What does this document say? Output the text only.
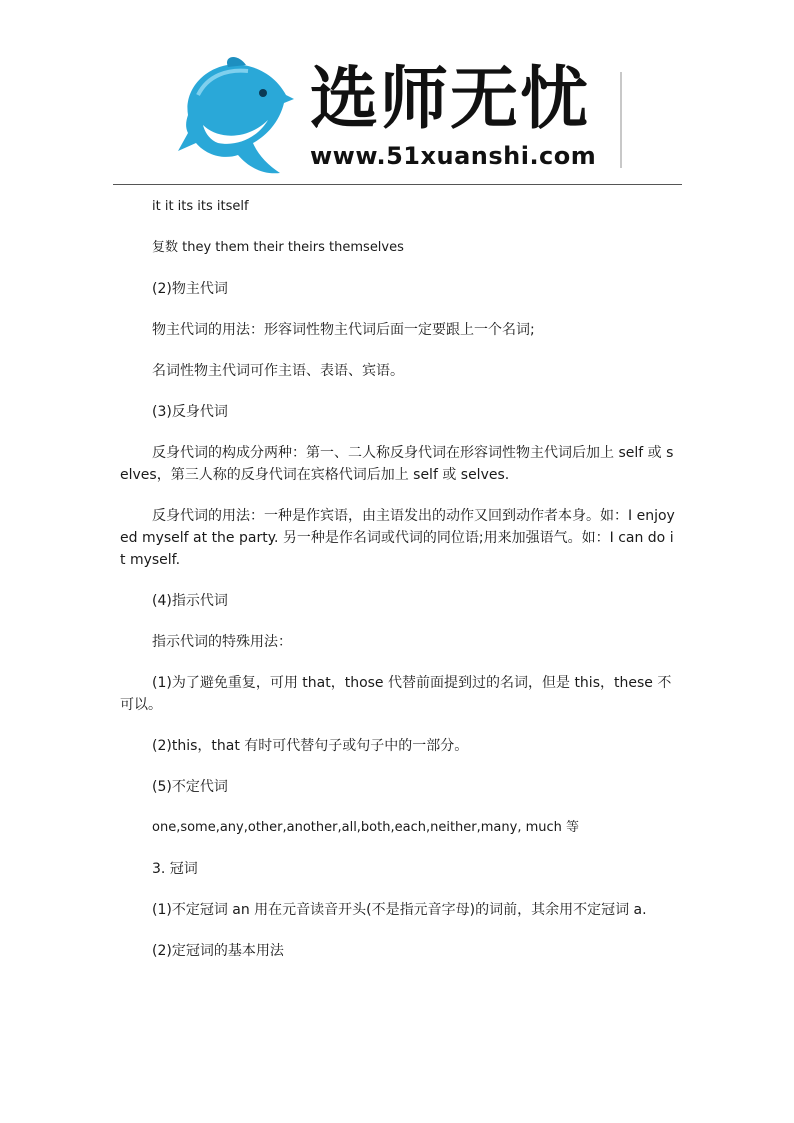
选师无忧
www.51xuanshi.com

it it its its itself

复数 they them their theirs themselves

(2)物主代词

物主代词的用法：形容词性物主代词后面一定要跟上一个名词;

名词性物主代词可作主语、表语、宾语。

(3)反身代词

反身代词的构成分两种：第一、二人称反身代词在形容词性物主代词后加上 self 或 selves，第三人称的反身代词在宾格代词后加上 self 或 selves.

反身代词的用法：一种是作宾语，由主语发出的动作又回到动作者本身。如：I enjoyed myself at the party. 另一种是作名词或代词的同位语;用来加强语气。如：I can do it myself.

(4)指示代词

指示代词的特殊用法：

(1)为了避免重复，可用 that，those 代替前面提到过的名词，但是 this，these 不可以。

(2)this，that 有时可代替句子或句子中的一部分。

(5)不定代词

one,some,any,other,another,all,both,each,neither,many, much 等

3. 冠词

(1)不定冠词 an 用在元音读音开头(不是指元音字母)的词前，其余用不定冠词 a.

(2)定冠词的基本用法
